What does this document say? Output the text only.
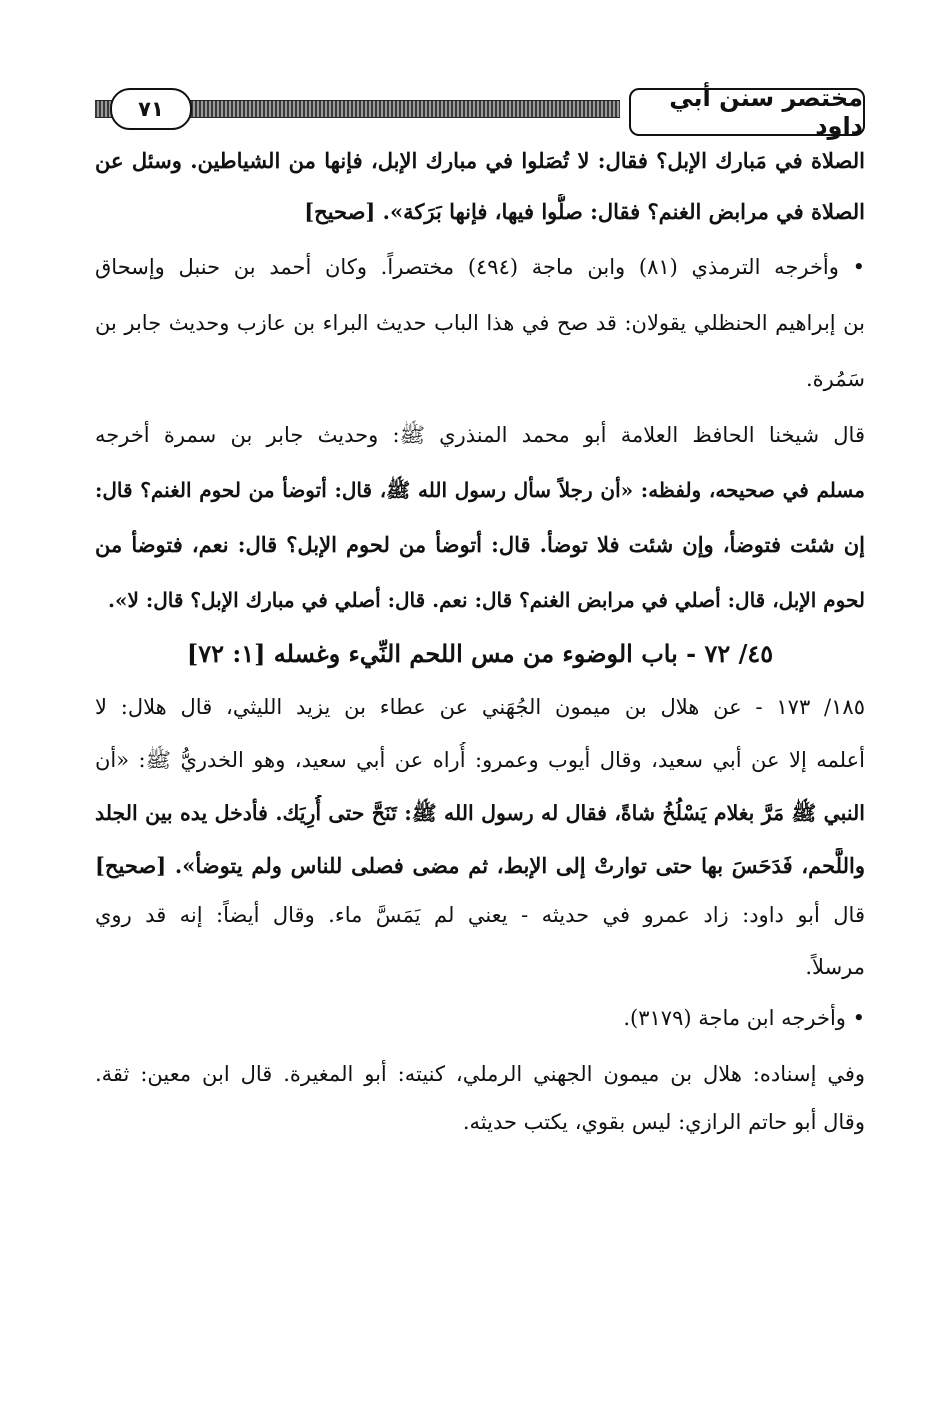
٧١	مختصر سنن أبي داود
الصلاة في مَبارك الإبل؟ فقال: لا تُصَلوا في مبارك الإبل، فإنها من الشياطين. وسئل عن
الصلاة في مرابض الغنم؟ فقال: صلُّوا فيها، فإنها بَرَكة». [صحيح]
• وأخرجه الترمذي (٨١) وابن ماجة (٤٩٤) مختصراً. وكان أحمد بن حنبل وإسحاق
بن إبراهيم الحنظلي يقولان: قد صح في هذا الباب حديث البراء بن عازب وحديث جابر بن
سَمُرة.
قال شيخنا الحافظ العلامة أبو محمد المنذري ﷺ: وحديث جابر بن سمرة أخرجه
مسلم في صحيحه، ولفظه: «أن رجلاً سأل رسول الله ﷺ، قال: أتوضأ من لحوم الغنم؟ قال:
إن شئت فتوضأ، وإن شئت فلا توضأ. قال: أتوضأ من لحوم الإبل؟ قال: نعم، فتوضأ من
لحوم الإبل، قال: أصلي في مرابض الغنم؟ قال: نعم. قال: أصلي في مبارك الإبل؟ قال: لا».
٤٥/ ٧٢ - باب الوضوء من مس اللحم النِّيء وغسله [١: ٧٢]
١٨٥/ ١٧٣ - عن هلال بن ميمون الجُهَني عن عطاء بن يزيد الليثي، قال هلال: لا
أعلمه إلا عن أبي سعيد، وقال أيوب وعمرو: أُراه عن أبي سعيد، وهو الخدريُّ ﷺ: «أن
النبي ﷺ مَرَّ بغلام يَسْلُخُ شاةً، فقال له رسول الله ﷺ: تَنَحَّ حتى أُرِيَك. فأدخل يده بين الجلد
واللَّحم، فَدَحَسَ بها حتى توارتْ إلى الإبط، ثم مضى فصلى للناس ولم يتوضأ». [صحيح]
قال أبو داود: زاد عمرو في حديثه - يعني لم يَمَسَّ ماء. وقال أيضاً: إنه قد روي
مرسلاً.
• وأخرجه ابن ماجة (٣١٧٩).
وفي إسناده: هلال بن ميمون الجهني الرملي، كنيته: أبو المغيرة. قال ابن معين: ثقة.
وقال أبو حاتم الرازي: ليس بقوي، يكتب حديثه.
